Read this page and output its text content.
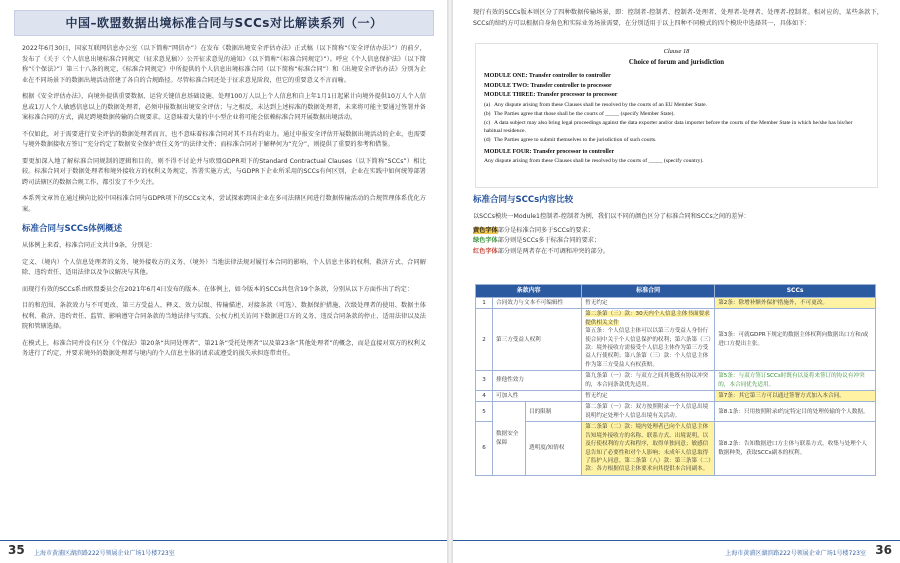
中国–欧盟数据出境标准合同与SCCs对比解读系列（一）

2022年6月30日，国家互联网信息办公室（以下简称“网信办”）在发布《数据出境安全评估办法》正式稿（以下简称“《安全评估办法》”）的前夕，发布了《关于〈个人信息出境标准合同规定（征求意见稿）〉公开征求意见的通知》（以下简称“《标准合同规定》”）。呼应《个人信息保护法》（以下简称“《个保法》”）第三十八条的规定，《标准合同规定》中所提供的个人信息出境标准合同（以下简称“标准合同”）和《出境安全评估办法》分别为企业在不同场景下的数据出境活动搭建了各自的合规路径。尽管标准合同还处于征求意见阶段，但它的重要意义不言而喻。

根据《安全评估办法》，向境外提供重要数据、运营关键信息基础设施、处理100万人以上个人信息和自上年1月1日起累计向境外提供10万人个人信息或1万人个人敏感信息以上的数据处理者，必须申报数据出境安全评估；与之相反，未达到上述标准的数据处理者，未来将可能主要通过签署并备案标准合同的方式，满足跨境数据传输的合规要求。这意味着大量的中小型企业将可能会依赖标准合同开展数据出境活动。

不仅如此，对于需要进行安全评估的数据处理者而言，也不意味着标准合同对其不具有约束力。通过申报安全评估开展数据出境活动的企业，也需要与境外数据接收方签订“充分约定了数据安全保护责任义务”的法律文件；而标准合同对于解释何为“充分”，则提供了重要的参考和借鉴。

要更加深入地了解标准合同规制的逻辑和目的，则不得不讨论并与欧盟GDPR项下的Standard Contractual Clauses（以下简称“SCCs”）相比较。标准合同对于数据处理者和境外接收方的权利义务规定、答署实施方式，与GDPR下企业所采用的SCCs有何区别，企业在实践中如何统筹部署跨司法辖区的数据合规工作，都引发了不少关注。

本系列文章旨在通过横向比较中国标准合同与GDPR项下的SCCs文本，尝试探索跨国企业在多司法辖区间进行数据传输活动的合规管理体系优化方案。

标准合同与SCCs体例概述

从体例上来看，标准合同正文共计9条，分别是：

定义、（境内）个人信息处理者的义务、境外接收方的义务、（境外）当地法律法规对履行本合同的影响、个人信息主体的权利、救济方式、合同解除、违约责任、适用法律以及争议解决与其他。

而现行有效的SCCs系由欧盟委员会在2021年6月4日发布的版本。在体例上，如今版本的SCCs共包含19个条款，分别从以下方面作出了约定：

目的和范围、条款效力与不可更改、第三方受益人、释义、效力层级、传输描述、对接条款（可选）、数据保护措施、次级处理者的使用、数据主体权利、救济、违约责任、监管、影响遵守合同条款的当地法律与实践、公权力机关访问下数据进口方的义务、违反合同条款的停止、适用法律以及法院和管辖选择。

在模式上，标准合同并没有区分《个保法》第20条“共同处理者”、第21条“受托处理者”以及第23条“其他处理者”的概念，而是直接对双方的权利义务进行了约定，并要求境外的数据处理者与境内的个人信息主体的请求或遵受的损失承担连带责任。

35 上海市黄浦区湖滨路222号领展企业广场1号楼723室

现行有效的SCCs版本则区分了四种数据传输场景，即：控制者-控制者、控制者-处理者、处理者-处理者、处理者-控制者。相对应的，某些条款下，SCCs的缔约方可以根据自身角色和实际业务场景需要，在分别适用于以上四种不同模式的四个模块中选择其一，具体如下：

Clause 18
Choice of forum and jurisdiction
MODULE ONE: Transfer controller to controller
MODULE TWO: Transfer controller to processor
MODULE THREE: Transfer processor to processor
(a) Any dispute arising from these Clauses shall be resolved by the courts of an EU Member State.
(b) The Parties agree that those shall be the courts of _____ (specify Member State).
(c) A data subject may also bring legal proceedings against the data exporter and/or data importer before the courts of the Member State in which he/she has his/her habitual residence.
(d) The Parties agree to submit themselves to the jurisdiction of such courts.
MODULE FOUR: Transfer processor to controller
Any dispute arising from these Clauses shall be resolved by the courts of _____ (specify country).
标准合同与SCCs内容比较

以SCCs模块一Module1控制者-控制者为例，我们以不同的颜色区分了标准合同和SCCs之间的差异：

黄色字体部分是标准合同多于SCCs的要求；
绿色字体部分则是SCCs多于标准合同的要求；
红色字体部分则是两者存在不可调和冲突的部分。
条款内容			标准合同	SCCs
1	合同效力与文本不可编辑性		暂无约定	第2条：除增补额外保护措施外，不可更改。
2	第三方受益人权利		第二条第（三）款：30天内个人信息主体书面要求提供相关文件
第五条：个人信息主体可以以第三方受益人身份行使合同中关于个人信息保护的权利；第六条第（三）款：境外接收方需接受个人信息主体作为第三方受益人行使权利；第八条第（三）款：个人信息主体作为第三方受益人有权获赔。	第3条：可就GDPR下规定的数据主体权利向数据出口方和/或进口方提出主张。
3	排他性效力		第九条第（一）款：与双方之间其他既有协议冲突的，本合同条款优先适用。	第5条：与双方签订SCCs时既有以及将来签订的协议有冲突的，本合同优先适用。
4	可加入性		暂无约定	第7条：其它第三方可以通过签署方式加入本合同。
5	数据安全保障	目的限制	第二条第（一）款：双方按照附录一个人信息出境说明约定处理个人信息出境有关活动。	第8.1条：只用按照附录I约定特定目的处理传输的个人数据。
6		透明度/知情权	第二条第（二）款：境内处理者已向个人信息主体告知境外接收方的名称、联系方式、出境说明，以及行使权利的方式和程序，取得单独同意；敏感信息告知了必要性和对个人影响；未成年人信息取得了监护人同意。第二条第（八）款：第三条第（二）款：各方根据信息主体要求向其提供本合同副本。	第8.2条：告知数据进口方主体与联系方式，收集与处理个人数据种类，获取SCCs副本的权利。
上海市黄浦区湖滨路222号领展企业广场1号楼723室 36
